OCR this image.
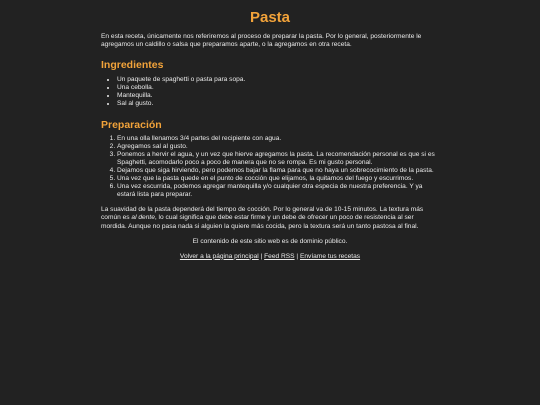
Pasta

En esta receta, únicamente nos referiremos al proceso de preparar la pasta. Por lo general, posteriormente le agregamos un caldillo o salsa que preparamos aparte, o la agregamos en otra receta.

Ingredientes
• Un paquete de spaghetti o pasta para sopa.
• Una cebolla.
• Mantequilla.
• Sal al gusto.
Preparación
1. En una olla llenamos 3/4 partes del recipiente con agua.
2. Agregamos sal al gusto.
3. Ponemos a hervir el agua, y un vez que hierve agregamos la pasta. La recomendación personal es que si es Spaghetti, acomodarlo poco a poco de manera que no se rompa. Es mi gusto personal.
4. Dejamos que siga hirviendo, pero podemos bajar la flama para que no haya un sobrecocimiento de la pasta.
5. Una vez que la pasta quede en el punto de cocción que elijamos, la quitamos del fuego y escurrimos.
6. Una vez escurrida, podemos agregar mantequilla y/o cualquier otra especia de nuestra preferencia. Y ya estará lista para preparar.

La suavidad de la pasta dependerá del tiempo de cocción. Por lo general va de 10-15 minutos. La textura más común es al dente, lo cual significa que debe estar firme y un debe de ofrecer un poco de resistencia al ser mordida. Aunque no pasa nada si alguien la quiere más cocida, pero la textura será un tanto pastosa al final.

El contenido de este sitio web es de dominio público.

Volver a la página principal | Feed RSS | Envíame tus recetas
